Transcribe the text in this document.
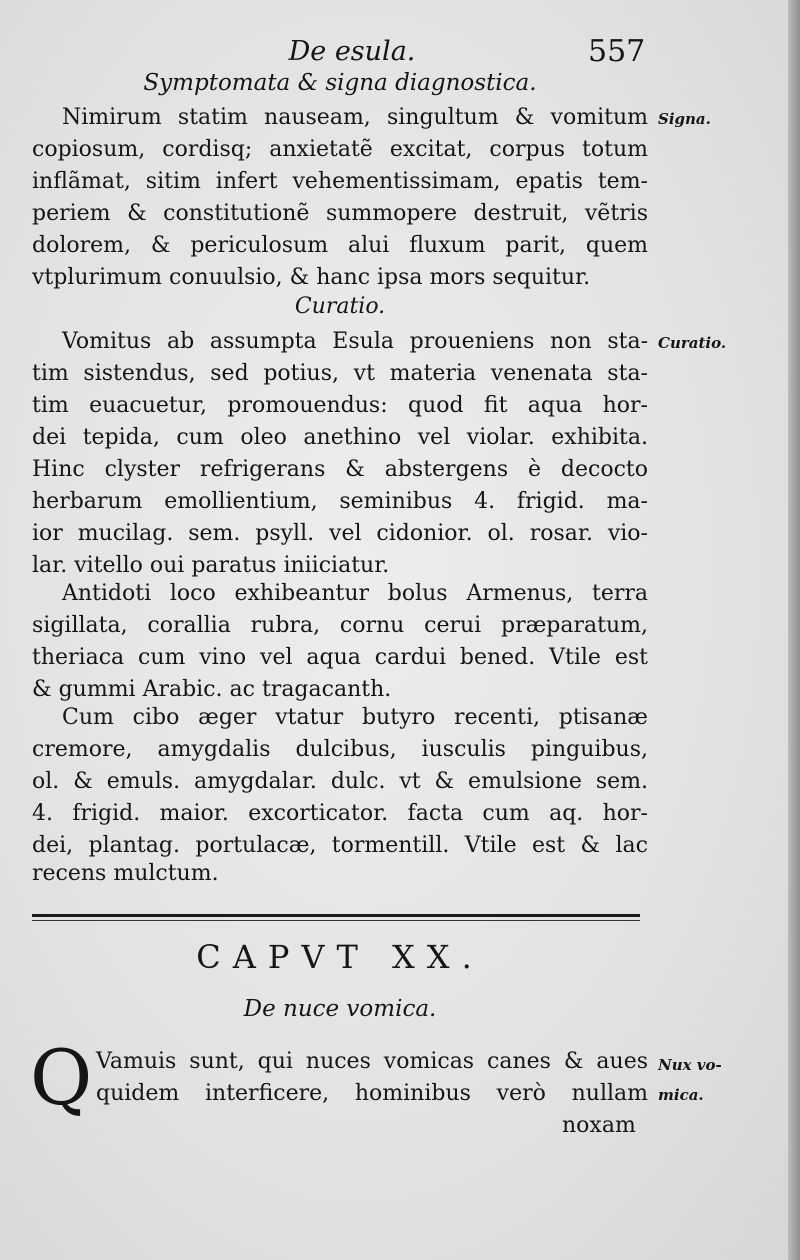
De esula.	557
Symptomata & signa diagnostica.
Nimirum statim nauseam, singultum & vomitum
copiosum, cordisq; anxietatẽ excitat, corpus totum
inflãmat, sitim infert vehementissimam, epatis tem-
periem & constitutionẽ summopere destruit, vẽtris
dolorem, & periculosum alui fluxum parit, quem
vtplurimum conuulsio, & hanc ipsa mors sequitur.
Signa.
Curatio.
Vomitus ab assumpta Esula proueniens non sta-
tim sistendus, sed potius, vt materia venenata sta-
tim euacuetur, promouendus: quod fit aqua hor-
dei tepida, cum oleo anethino vel violar. exhibita.
Hinc clyster refrigerans & abstergens è decocto
herbarum emollientium, seminibus 4. frigid. ma-
ior mucilag. sem. psyll. vel cidonior. ol. rosar. vio-
lar. vitello oui paratus iniiciatur.
Curatio.
Antidoti loco exhibeantur bolus Armenus, terra
sigillata, corallia rubra, cornu cerui præparatum,
theriaca cum vino vel aqua cardui bened. Vtile est
& gummi Arabic. ac tragacanth.
Cum cibo æger vtatur butyro recenti, ptisanæ
cremore, amygdalis dulcibus, iusculis pinguibus,
ol. & emuls. amygdalar. dulc. vt & emulsione sem.
4. frigid. maior. excorticator. facta cum aq. hor-
dei, plantag. portulacæ, tormentill. Vtile est & lac
recens mulctum.
CAPVT XX.
De nuce vomica.
Q Vamuis sunt, qui nuces vomicas canes & aues
quidem interficere, hominibus verò nullam
noxam
Nux vo-
mica.
